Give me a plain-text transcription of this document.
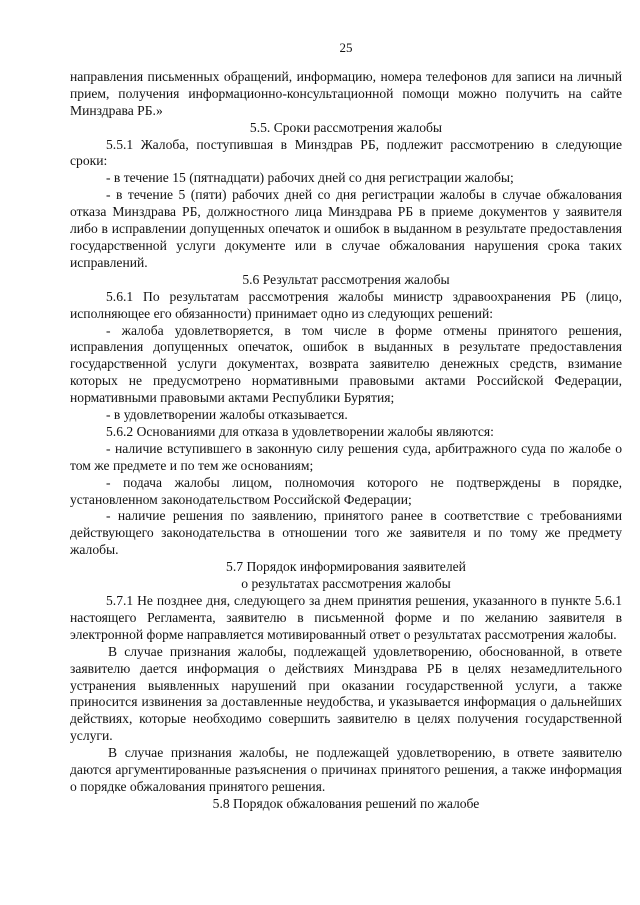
25

направления письменных обращений, информацию, номера телефонов для записи на личный прием, получения информационно-консультационной помощи можно получить на сайте Минздрава РБ.»

5.5. Сроки рассмотрения жалобы

5.5.1 Жалоба, поступившая в Минздрав РБ, подлежит рассмотрению в следующие сроки:

- в течение 15 (пятнадцати) рабочих дней со дня регистрации жалобы;

- в течение 5 (пяти) рабочих дней со дня регистрации жалобы в случае обжалования отказа Минздрава РБ, должностного лица Минздрава РБ в приеме документов у заявителя либо в исправлении допущенных опечаток и ошибок в выданном в результате предоставления государственной услуги документе или в случае обжалования нарушения срока таких исправлений.

5.6 Результат рассмотрения жалобы

5.6.1 По результатам рассмотрения жалобы министр здравоохранения РБ (лицо, исполняющее его обязанности) принимает одно из следующих решений:

- жалоба удовлетворяется, в том числе в форме отмены принятого решения, исправления допущенных опечаток, ошибок в выданных в результате предоставления государственной услуги документах, возврата заявителю денежных средств, взимание которых не предусмотрено нормативными правовыми актами Российской Федерации, нормативными правовыми актами Республики Бурятия;

- в удовлетворении жалобы отказывается.

5.6.2 Основаниями для отказа в удовлетворении жалобы являются:

- наличие вступившего в законную силу решения суда, арбитражного суда по жалобе о том же предмете и по тем же основаниям;

- подача жалобы лицом, полномочия которого не подтверждены в порядке, установленном законодательством Российской Федерации;

- наличие решения по заявлению, принятого ранее в соответствие с требованиями действующего законодательства в отношении того же заявителя и по тому же предмету жалобы.

5.7 Порядок информирования заявителей

о результатах рассмотрения жалобы

5.7.1 Не позднее дня, следующего за днем принятия решения, указанного в пункте 5.6.1 настоящего Регламента, заявителю в письменной форме и по желанию заявителя в электронной форме направляется мотивированный ответ о результатах рассмотрения жалобы.

В случае признания жалобы, подлежащей удовлетворению, обоснованной, в ответе заявителю дается информация о действиях Минздрава РБ в целях незамедлительного устранения выявленных нарушений при оказании государственной услуги, а также приносится извинения за доставленные неудобства, и указывается информация о дальнейших действиях, которые необходимо совершить заявителю в целях получения государственной услуги.

В случае признания жалобы, не подлежащей удовлетворению, в ответе заявителю даются аргументированные разъяснения о причинах принятого решения, а также информация о порядке обжалования принятого решения.

5.8 Порядок обжалования решений по жалобе
